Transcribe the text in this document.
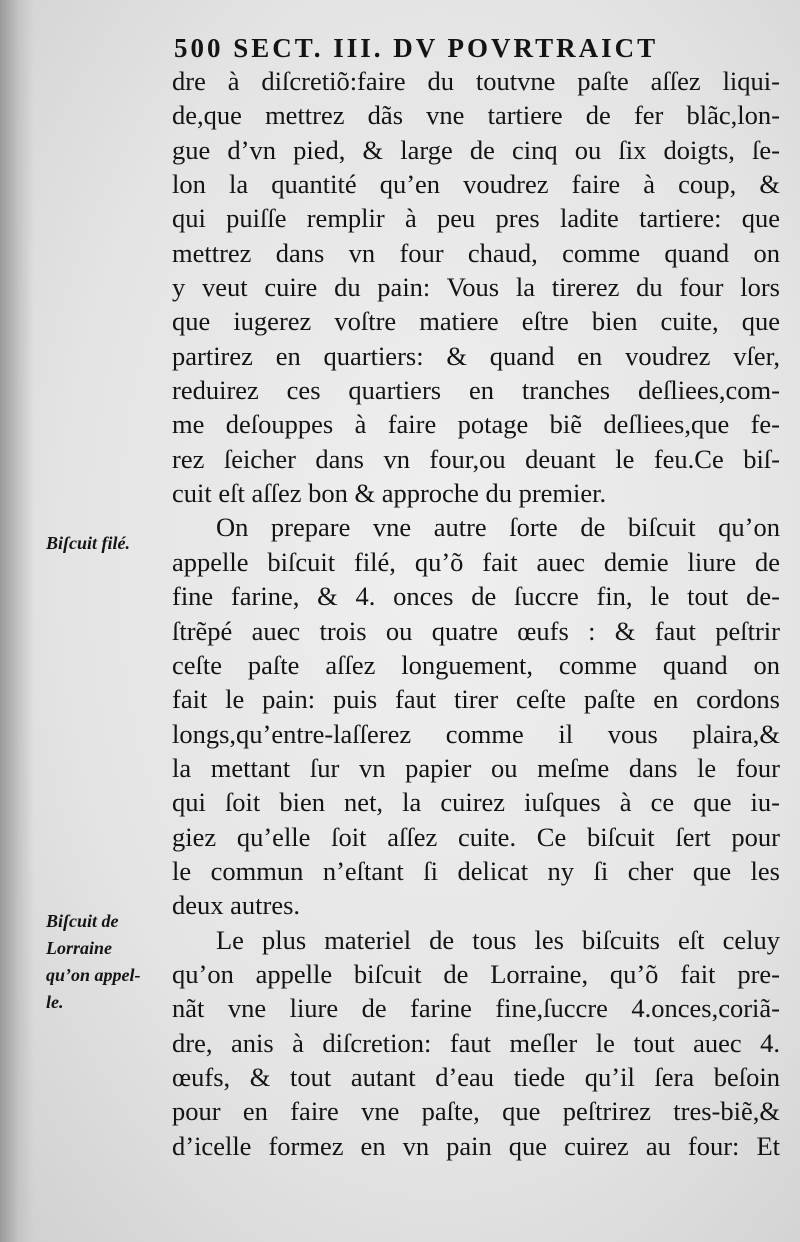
500 SECT. III. DV POVRTRAICT
dre à diſcretiõ:faire du toutvne paſte aſſez liqui-
de,que mettrez dãs vne tartiere de fer blãc,lon-
gue d’vn pied, & large de cinq ou ſix doigts, ſe-
lon la quantité qu’en voudrez faire à coup, &
qui puiſſe remplir à peu pres ladite tartiere: que
mettrez dans vn four chaud, comme quand on
y veut cuire du pain: Vous la tirerez du four lors
que iugerez voſtre matiere eſtre bien cuite, que
partirez en quartiers: & quand en voudrez vſer,
reduirez ces quartiers en tranches deſliees,com-
me deſouppes à faire potage biẽ deſliees,que fe-
rez ſeicher dans vn four,ou deuant le feu.Ce biſ-
cuit eſt aſſez bon & approche du premier.
On prepare vne autre ſorte de biſcuit qu’on
appelle biſcuit filé, qu’õ fait auec demie liure de
fine farine, & 4. onces de ſuccre fin, le tout de-
ſtrẽpé auec trois ou quatre œufs : & faut peſtrir
ceſte paſte aſſez longuement, comme quand on
fait le pain: puis faut tirer ceſte paſte en cordons
longs,qu’entre-laſſerez comme il vous plaira,&
la mettant ſur vn papier ou meſme dans le four
qui ſoit bien net, la cuirez iuſques à ce que iu-
giez qu’elle ſoit aſſez cuite. Ce biſcuit ſert pour
le commun n’eſtant ſi delicat ny ſi cher que les
deux autres.
Le plus materiel de tous les biſcuits eſt celuy
qu’on appelle biſcuit de Lorraine, qu’õ fait pre-
nãt vne liure de farine fine,ſuccre 4.onces,coriã-
dre, anis à diſcretion: faut meſler le tout auec 4.
œufs, & tout autant d’eau tiede qu’il ſera beſoin
pour en faire vne paſte, que peſtrirez tres-biẽ,&
d’icelle formez en vn pain que cuirez au four: Et
Biſcuit filé.
Biſcuit de
Lorraine
qu’on appel-
le.
